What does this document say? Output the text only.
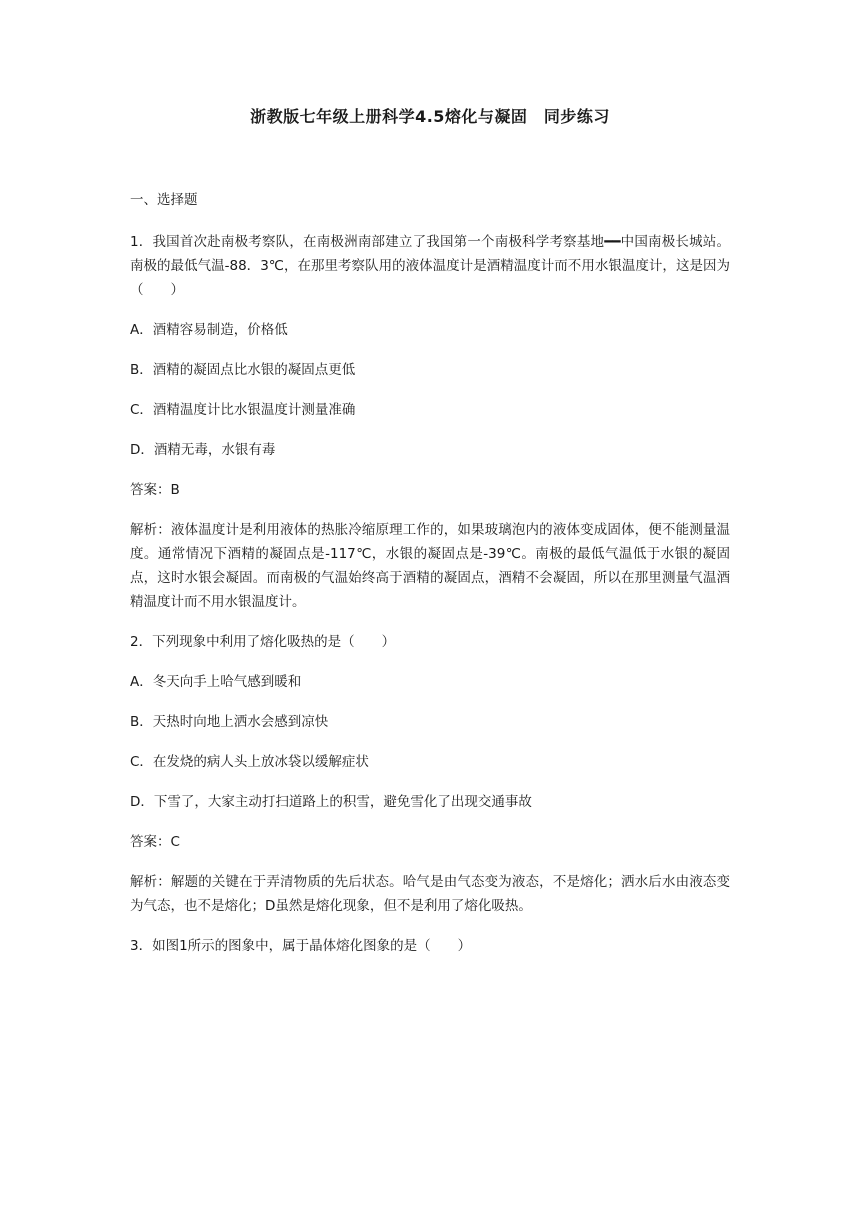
浙教版七年级上册科学4.5熔化与凝固　同步练习

一、选择题

1．我国首次赴南极考察队，在南极洲南部建立了我国第一个南极科学考察基地━━中国南极长城站。南极的最低气温-88．3℃，在那里考察队用的液体温度计是酒精温度计而不用水银温度计，这是因为（　　）

A．酒精容易制造，价格低

B．酒精的凝固点比水银的凝固点更低

C．酒精温度计比水银温度计测量准确

D．酒精无毒，水银有毒

答案：B

解析：液体温度计是利用液体的热胀冷缩原理工作的，如果玻璃泡内的液体变成固体，便不能测量温度。通常情况下酒精的凝固点是-117℃，水银的凝固点是-39℃。南极的最低气温低于水银的凝固点，这时水银会凝固。而南极的气温始终高于酒精的凝固点，酒精不会凝固，所以在那里测量气温酒精温度计而不用水银温度计。

2．下列现象中利用了熔化吸热的是（　　）

A．冬天向手上哈气感到暖和

B．天热时向地上洒水会感到凉快

C．在发烧的病人头上放冰袋以缓解症状

D．下雪了，大家主动打扫道路上的积雪，避免雪化了出现交通事故

答案：C

解析：解题的关键在于弄清物质的先后状态。哈气是由气态变为液态，不是熔化；洒水后水由液态变为气态，也不是熔化；D虽然是熔化现象，但不是利用了熔化吸热。

3．如图1所示的图象中，属于晶体熔化图象的是（　　）
